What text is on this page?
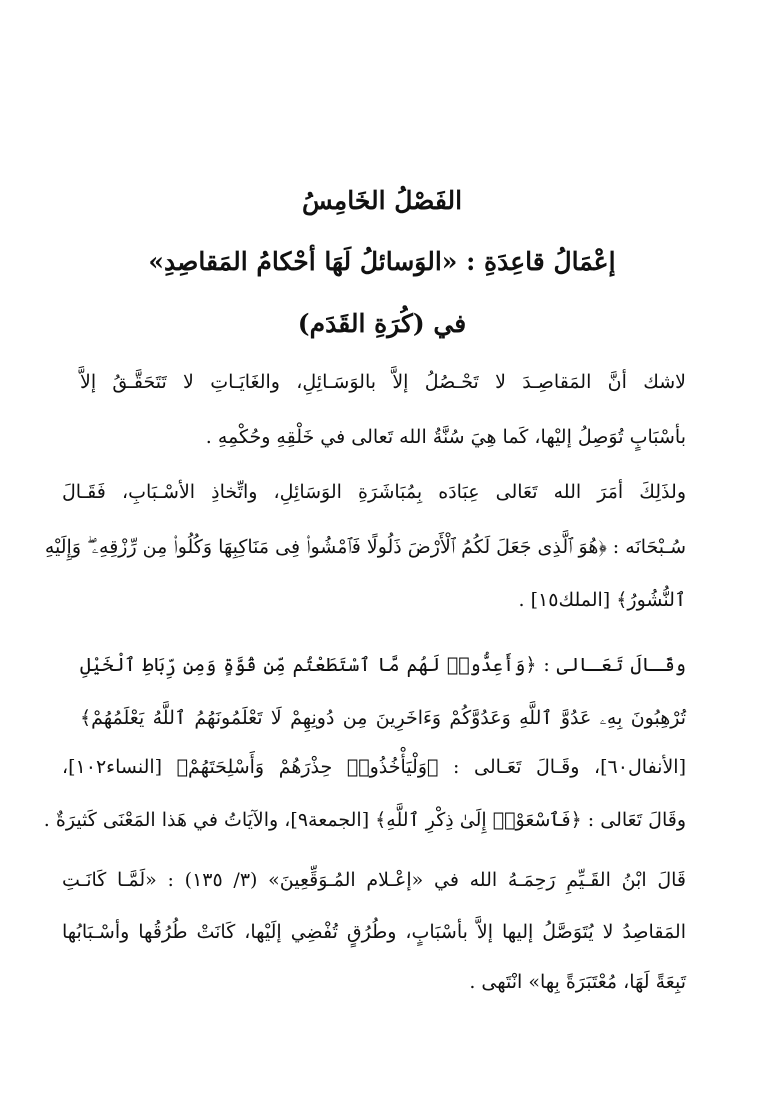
الفَصْلُ الخَامِسُ
إعْمَالُ قاعِدَةِ : «الوَسائلُ لَهَا أحْكامُ المَقاصِدِ»
في (كُرَةِ القَدَم)
لاشك أنَّ المَقاصِـدَ لا تَحْـصُلُ إلاَّ بالوَسَـائِلِ، والغَايَـاتِ لا تَتَحَقَّـقُ إلاَّ
بأسْبَابٍ تُوَصِلُ إليْها، كَما هِيَ سُنَّةُ الله تَعالى في خَلْقِهِ وحُكْمِهِ .
ولذَلِكَ أمَرَ الله تَعَالى عِبَادَه بِمُبَاشَرَةِ الوَسَائِلِ، واتِّخاذِ الأسْـبَابِ، فَقَـالَ
سُـبْحَانَه : ﴿هُوَ ٱلَّذِى جَعَلَ لَكُمُ ٱلْأَرْضَ ذَلُولًا فَٱمْشُوا۟ فِى مَنَاكِبِهَا وَكُلُوا۟ مِن رِّزْقِهِۦ ۖ وَإِلَيْهِ
ٱلنُّشُورُ﴾ [الملك١٥] .
وقَـالَ تَعَـالى : ﴿وَأَعِدُّوا۟ لَهُم مَّا ٱسْتَطَعْتُم مِّن قُوَّةٍ وَمِن رِّبَاطِ ٱلْخَيْلِ
تُرْهِبُونَ بِهِۦ عَدُوَّ ٱللَّهِ وَعَدُوَّكُمْ وَءَاخَرِينَ مِن دُونِهِمْ لَا تَعْلَمُونَهُمُ ٱللَّهُ يَعْلَمُهُمْ﴾
[الأنفال٦٠]، وقَـالَ تَعَـالى : ﴿وَلْيَأْخُذُوا۟ حِذْرَهُمْ وَأَسْلِحَتَهُمْ﴾ [النساء١٠٢]،
وقَالَ تَعَالى : ﴿فَٱسْعَوْا۟ إِلَىٰ ذِكْرِ ٱللَّهِ﴾ [الجمعة٩]، والآيَاتُ في هَذا المَعْنَى كَثيرَةٌ .
قَالَ ابْنُ القَـيِّمِ رَحِمَـهُ الله في «إعْـلام المُـوَقِّعِينَ» (٣/ ١٣٥) : «لَمَّـا كَانَـتِ
المَقاصِدُ لا يُتَوَصَّلُ إليها إلاَّ بأسْبَابٍ، وطُرُقٍ تُفْضِي إلَيْها، كَانَتْ طُرُقُها وأسْـبَابُها
تَبِعَةً لَهَا، مُعْتَبَرَةً بِها» انْتَهى .
